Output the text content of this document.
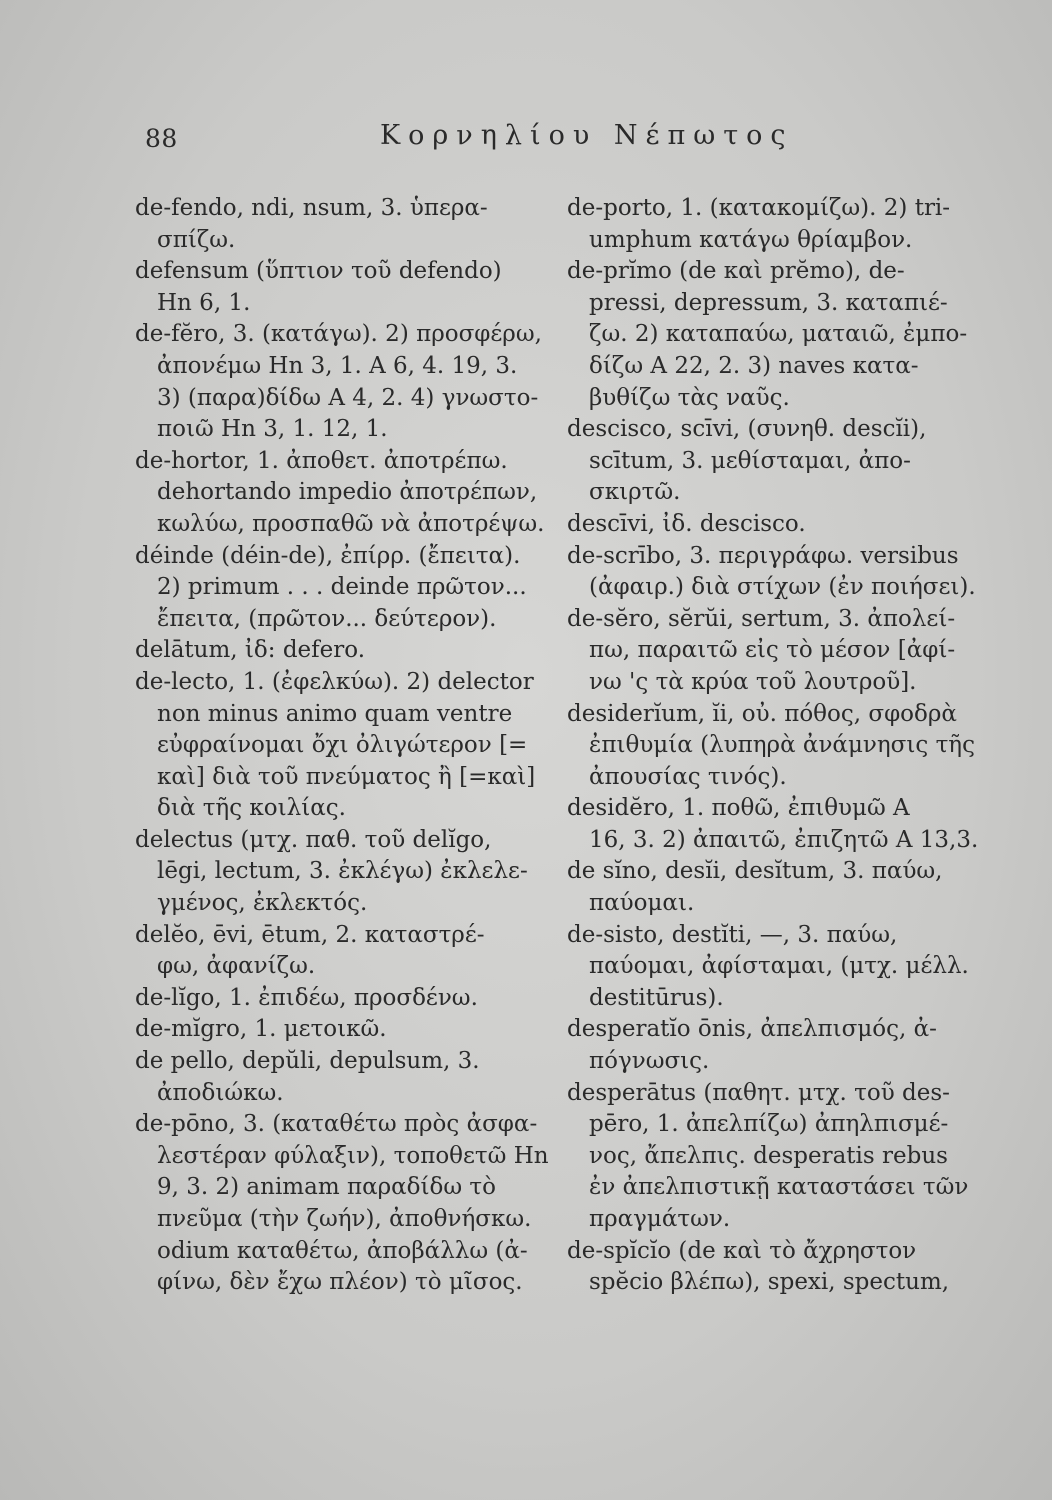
88	Κορνηλίου Νέπωτος
de-fendo, ndi, nsum, 3. ὑπερα-
σπίζω.
defensum (ὕπτιον τοῦ defendo)
Hn 6, 1.
de-fĕro, 3. (κατάγω). 2) προσφέρω,
ἀπονέμω Hn 3, 1. A 6, 4. 19, 3.
3) (παρα)δίδω A 4, 2. 4) γνωστο-
ποιῶ Hn 3, 1. 12, 1.
de-hortor, 1. ἀποθετ. ἀποτρέπω.
dehortando impedio ἀποτρέπων,
κωλύω, προσπαθῶ νὰ ἀποτρέψω.
déinde (déin-de), ἐπίρρ. (ἔπειτα).
2) primum . . . deinde πρῶτον...
ἔπειτα, (πρῶτον... δεύτερον).
delātum, ἰδ: defero.
de-lecto, 1. (ἐφελκύω). 2) delector
non minus animo quam ventre
εὐφραίνομαι ὄχι ὀλιγώτερον [=
καὶ] διὰ τοῦ πνεύματος ἢ [=καὶ]
διὰ τῆς κοιλίας.
delectus (μτχ. παθ. τοῦ delĭgo,
lēgi, lectum, 3. ἐκλέγω) ἐκλελε-
γμένος, ἐκλεκτός.
delĕo, ēvi, ētum, 2. καταστρέ-
φω, ἀφανίζω.
de-lĭgo, 1. ἐπιδέω, προσδένω.
de-mĭgro, 1. μετοικῶ.
de pello, depŭli, depulsum, 3.
ἀποδιώκω.
de-pōno, 3. (καταθέτω πρὸς ἀσφα-
λεστέραν φύλαξιν), τοποθετῶ Hn
9, 3. 2) animam παραδίδω τὸ
πνεῦμα (τὴν ζωήν), ἀποθνήσκω.
odium καταθέτω, ἀποβάλλω (ἀ-
φίνω, δὲν ἔχω πλέον) τὸ μῖσος.
de-porto, 1. (κατακομίζω). 2) tri-
umphum κατάγω θρίαμβον.
de-prĭmo (de καὶ prĕmo), de-
pressi, depressum, 3. καταπιέ-
ζω. 2) καταπαύω, ματαιῶ, ἐμπο-
δίζω A 22, 2. 3) naves κατα-
βυθίζω τὰς ναῦς.
descisco, scīvi, (συνηθ. descĭi),
scītum, 3. μεθίσταμαι, ἀπο-
σκιρτῶ.
descīvi, ἰδ. descisco.
de-scrībo, 3. περιγράφω. versibus
(ἀφαιρ.) διὰ στίχων (ἐν ποιήσει).
de-sĕro, sĕrŭi, sertum, 3. ἀπολεί-
πω, παραιτῶ εἰς τὸ μέσον [ἀφί-
νω 'ς τὰ κρύα τοῦ λουτροῦ].
desiderĭum, ĭi, οὐ. πόθος, σφοδρὰ
ἐπιθυμία (λυπηρὰ ἀνάμνησις τῆς
ἀπουσίας τινός).
desidĕro, 1. ποθῶ, ἐπιθυμῶ A
16, 3. 2) ἀπαιτῶ, ἐπιζητῶ A 13,3.
de sĭno, desĭi, desĭtum, 3. παύω,
παύομαι.
de-sisto, destĭti, —, 3. παύω,
παύομαι, ἀφίσταμαι, (μτχ. μέλλ.
destitūrus).
desperatĭo ōnis, ἀπελπισμός, ἀ-
πόγνωσις.
desperātus (παθητ. μτχ. τοῦ des-
pēro, 1. ἀπελπίζω) ἀπηλπισμέ-
νος, ἄπελπις. desperatis rebus
ἐν ἀπελπιστικῇ καταστάσει τῶν
πραγμάτων.
de-spĭcĭo (de καὶ τὸ ἄχρηστον
spĕcio βλέπω), spexi, spectum,
